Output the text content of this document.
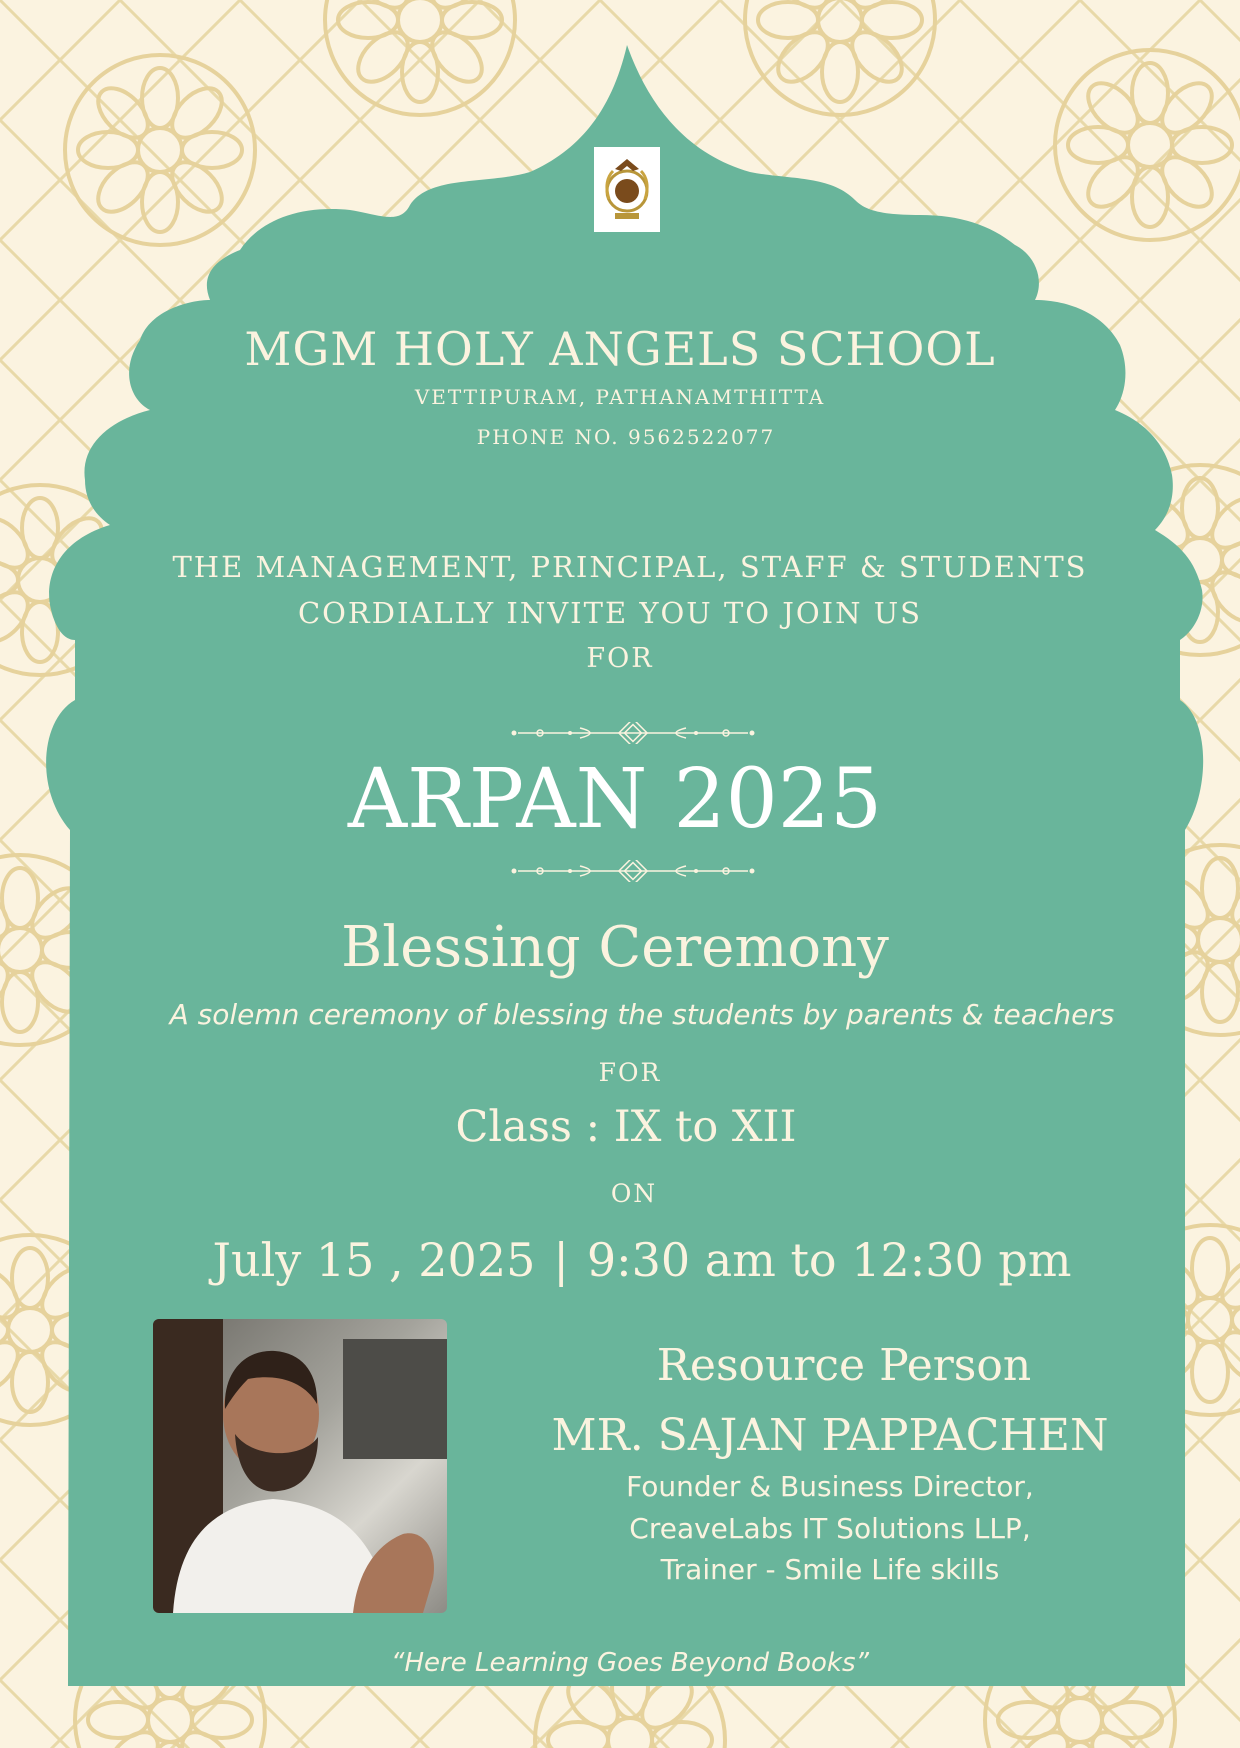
MGM HOLY ANGELS SCHOOL
VETTIPURAM, PATHANAMTHITTA
PHONE NO. 9562522077
THE MANAGEMENT, PRINCIPAL, STAFF & STUDENTS
CORDIALLY INVITE YOU TO JOIN US
FOR
ARPAN 2025
Blessing Ceremony
A solemn ceremony of blessing the students by parents & teachers
FOR
Class : IX to XII
ON
July 15 , 2025 | 9:30 am to 12:30 pm
Resource Person
MR. SAJAN PAPPACHEN
Founder & Business Director,
CreaveLabs IT Solutions LLP,
Trainer - Smile Life skills
“Here Learning Goes Beyond Books”
